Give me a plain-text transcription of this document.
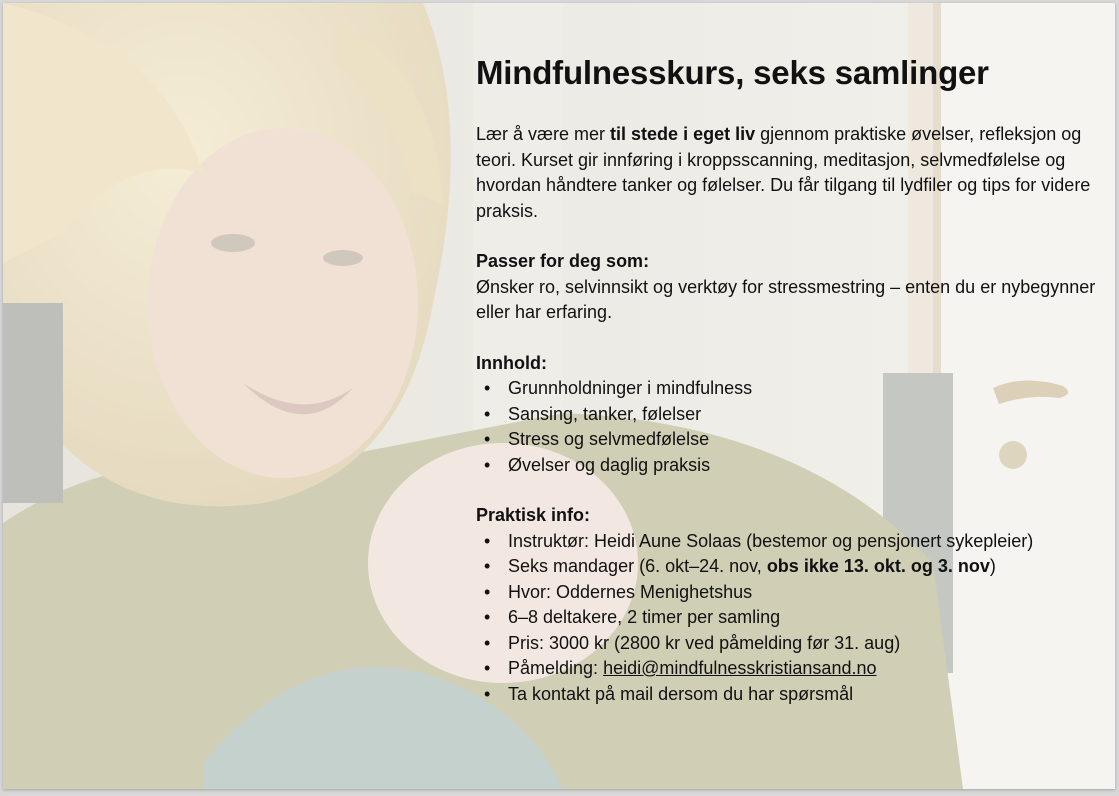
Mindfulnesskurs, seks samlinger

Lær å være mer til stede i eget liv gjennom praktiske øvelser, refleksjon og teori. Kurset gir innføring i kroppsscanning, meditasjon, selvmedfølelse og hvordan håndtere tanker og følelser. Du får tilgang til lydfiler og tips for videre praksis.

Passer for deg som:

Ønsker ro, selvinnsikt og verktøy for stressmestring – enten du er nybegynner eller har erfaring.

Innhold:

• Grunnholdninger i mindfulness
• Sansing, tanker, følelser
• Stress og selvmedfølelse
• Øvelser og daglig praksis

Praktisk info:

• Instruktør: Heidi Aune Solaas (bestemor og pensjonert sykepleier)
• Seks mandager (6. okt–24. nov, obs ikke 13. okt. og 3. nov)
• Hvor: Oddernes Menighetshus
• 6–8 deltakere, 2 timer per samling
• Pris: 3000 kr (2800 kr ved påmelding før 31. aug)
• Påmelding: heidi@mindfulnesskristiansand.no
• Ta kontakt på mail dersom du har spørsmål
